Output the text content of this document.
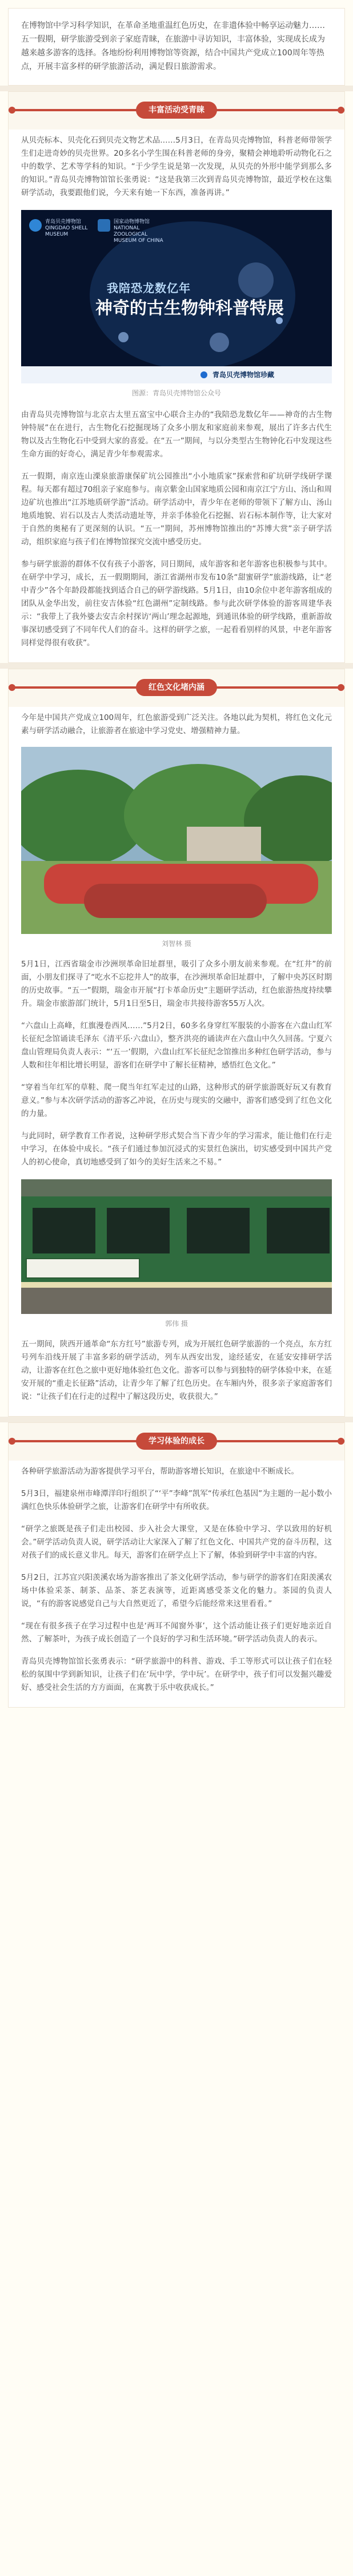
在博物馆中学习科学知识，在革命圣地重温红色历史，在非遗体验中畅享运动魅力……五一假期，研学旅游受到亲子家庭青睐，在旅游中寻访知识，丰富体验，实现成长成为越来越多游客的选择。各地纷纷利用博物馆等资源，结合中国共产党成立100周年等热点，开展丰富多样的研学旅游活动，满足假日旅游需求。

丰富活动受青睐

从贝壳标本、贝壳化石到贝壳文物艺术品……5月3日，在青岛贝壳博物馆，科普老师带领学生们走进奇妙的贝壳世界。20多名小学生围在科普老师的身旁，聚精会神地聆听动物化石之中的数学、艺术等学科的知识。“于少学生说是第一次发现，从贝壳的外形中能学到那么多的知识。”青岛贝壳博物馆馆长张勇说：“这是我第三次到青岛贝壳博物馆，最近学校在这集研学活动，我要跟他们说，今天来有她一下东西，准备再讲。”

青岛贝壳博物馆 QINGDAO SHELL MUSEUM
国家动物博物馆 NATIONAL ZOOLOGICAL MUSEUM OF CHINA
我陪恐龙数亿年
神奇的古生物钟科普特展
青岛贝壳博物馆珍藏

图源：青岛贝壳博物馆公众号

由青岛贝壳博物馆与北京古太里五富宝中心联合主办的“我陪恐龙数亿年——神奇的古生物钟特展”在在进行，古生物化石挖掘现场了众多小朋友和家庭前来参观，展出了许多古代生物以及古生物化石中受到大家的喜爱。在“五一”期间，与以分类型古生物钟化石中发现这些生命方面的好奇心，满足青少年参观需求。

五一假期，南京连山溧泉旅游康保矿坑公园推出“小小地质家”探索营和矿坑研学线研学课程。每天都有超过70组亲子家庭参与。南京紫金山国家地质公园和南京江宁方山、汤山和周边矿坑也推出“江苏地质研学游”活动。研学活动中，青少年在老师的带领下了解方山、汤山地质地貌、岩石以及古人类活动遗址等，并亲手体验化石挖掘、岩石标本制作等，让大家对于自然的奥秘有了更深刻的认识。“五一”期间，苏州博物馆推出的“苏博大赏”亲子研学活动，组织家庭与孩子们在博物馆探究交流中感受历史。

参与研学旅游的群体不仅有孩子小游客，同日期间，成年游客和老年游客也积极参与其中。在研学中学习，成长，五一假期期间，浙江省湖州市发布10条“甜蜜研学”旅游线路，让“老中青少”各个年龄段都能找到适合自己的研学游线路。5月1日，由10余位中老年游客组成的团队从金华出发，前往安吉体验“红色湖州”定制线路。参与此次研学体验的游客周建华表示：“我带上了我外婆去安吉余村探访‘两山’理念起源地，到通讯体验的研学线路，重新游故事深切感受到了不同年代人们的奋斗。这样的研学之旅，一起看看别样的风景，中老年游客同样觉得很有收获”。

红色文化堵内涵

今年是中国共产党成立100周年，红色旅游受到广泛关注。各地以此为契机，将红色文化元素与研学活动融合，让旅游者在旅途中学习党史、增强精神力量。

刘智林 摄

5月1日，江西省瑞金市沙洲坝革命旧址群里，吸引了众多小朋友前来参观。在“红井”的前面，小朋友们探寻了“吃水不忘挖井人”的故事，在沙洲坝革命旧址群中，了解中央苏区时期的历史故事。“五一”假期，瑞金市开展“打卡革命历史”主题研学活动，红色旅游热度持续攀升。瑞金市旅游部门统计，5月1日至5日，瑞金市共接待游客55万人次。

“六盘山上高峰，红旗漫卷西风……”5月2日，60多名身穿红军服装的小游客在六盘山红军长征纪念馆诵读毛泽东《清平乐·六盘山》，整齐洪亮的诵读声在六盘山中久久回荡。宁夏六盘山管理局负责人表示：“‘五一’假期，六盘山红军长征纪念馆推出多种红色研学活动，参与人数和往年相比增长明显，游客们在研学中了解长征精神，感悟红色文化。”

“穿着当年红军的草鞋、爬一爬当年红军走过的山路，这种形式的研学旅游既好玩又有教育意义。”参与本次研学活动的游客乙冲说，在历史与现实的交融中，游客们感受到了红色文化的力量。

与此同时，研学教育工作者说，这种研学形式契合当下青少年的学习需求，能让他们在行走中学习，在体验中成长。“孩子们通过参加沉浸式的实景红色演出，切实感受到中国共产党人的初心使命，真切地感受到了如今的美好生活来之不易。”

郭伟 摄

五一期间，陕西开通革命“东方红号”旅游专列，成为开展红色研学旅游的一个亮点，东方红号列车沿线开展了丰富多彩的研学活动，列车从西安出发，途经延安，在延安安排研学活动，让游客在红色之旅中更好地体验红色文化。游客可以参与到独特的研学体验中来，在延安开展的“重走长征路”活动，让青少年了解了红色历史。在车厢内外，很多亲子家庭游客们说：“让孩子们在行走的过程中了解这段历史，收获很大。”

学习体验的成长

各种研学旅游活动为游客提供学习平台，帮助游客增长知识，在旅途中不断成长。

5月3日，福建泉州市峰潭洋印行组织了“‘平”李峰”凯军“传承红色基因”为主题的一起小数小满红色快乐体验研学之旅，让游客们在研学中有所收获。

“研学之旅既是孩子们走出校园、步入社会大课堂，又是在体验中学习、学以致用的好机会。”研学活动负责人说，研学活动让大家深入了解了红色文化、中国共产党的奋斗历程，这对孩子们的成长意义非凡。每天，游客们在研学点上下了解，体验到研学中丰富的内容。

5月2日，江苏宜兴阳羡溪农场为游客推出了茶文化研学活动，参与研学的游客们在阳羡溪农场中体验采茶、制茶、品茶、茶艺表演等，近距离感受茶文化的魅力。茶园的负责人说，“有的游客说感觉自己与大自然更近了，希望今后能经常来这里看看。”

“现在有很多孩子在学习过程中也是‘两耳不闻窗外事’，这个活动能让孩子们更好地亲近自然、了解茶叶，为孩子成长创造了一个良好的学习和生活环境。”研学活动负责人的表示。

青岛贝壳博物馆馆长张勇表示：“研学旅游中的科普、游戏、手工等形式可以让孩子们在轻松的氛围中学到新知识，让孩子们在‘玩中学，学中玩’。在研学中，孩子们可以发掘兴趣爱好、感受社会生活的方方面面，在寓教于乐中收获成长。”
